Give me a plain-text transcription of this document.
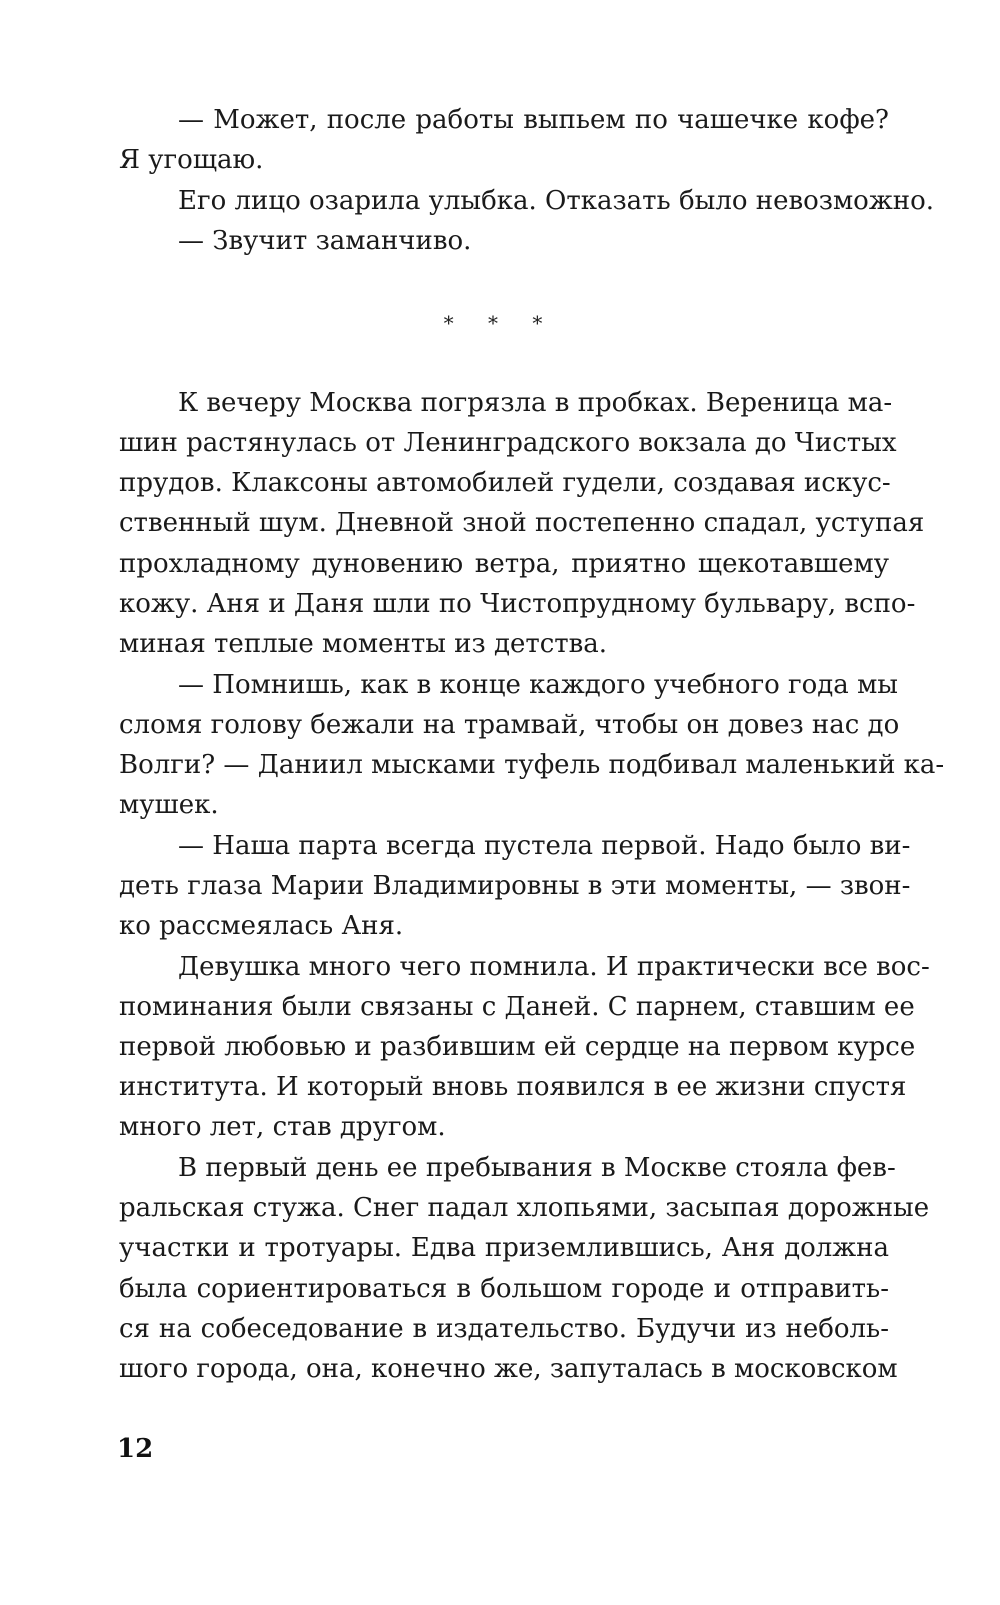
— Может, после работы выпьем по чашечке кофе?
Я угощаю.
Его лицо озарила улыбка. Отказать было невозможно.
— Звучит заманчиво.
* * *
К вечеру Москва погрязла в пробках. Вереница ма-
шин растянулась от Ленинградского вокзала до Чистых
прудов. Клаксоны автомобилей гудели, создавая искус-
ственный шум. Дневной зной постепенно спадал, уступая
прохладному дуновению ветра, приятно щекотавшему
кожу. Аня и Даня шли по Чистопрудному бульвару, вспо-
миная теплые моменты из детства.
— Помнишь, как в конце каждого учебного года мы
сломя голову бежали на трамвай, чтобы он довез нас до
Волги? — Даниил мысками туфель подбивал маленький ка-
мушек.
— Наша парта всегда пустела первой. Надо было ви-
деть глаза Марии Владимировны в эти моменты, — звон-
ко рассмеялась Аня.
Девушка много чего помнила. И практически все вос-
поминания были связаны с Даней. С парнем, ставшим ее
первой любовью и разбившим ей сердце на первом курсе
института. И который вновь появился в ее жизни спустя
много лет, став другом.
В первый день ее пребывания в Москве стояла фев-
ральская стужа. Снег падал хлопьями, засыпая дорожные
участки и тротуары. Едва приземлившись, Аня должна
была сориентироваться в большом городе и отправить-
ся на собеседование в издательство. Будучи из неболь-
шого города, она, конечно же, запуталась в московском
12
